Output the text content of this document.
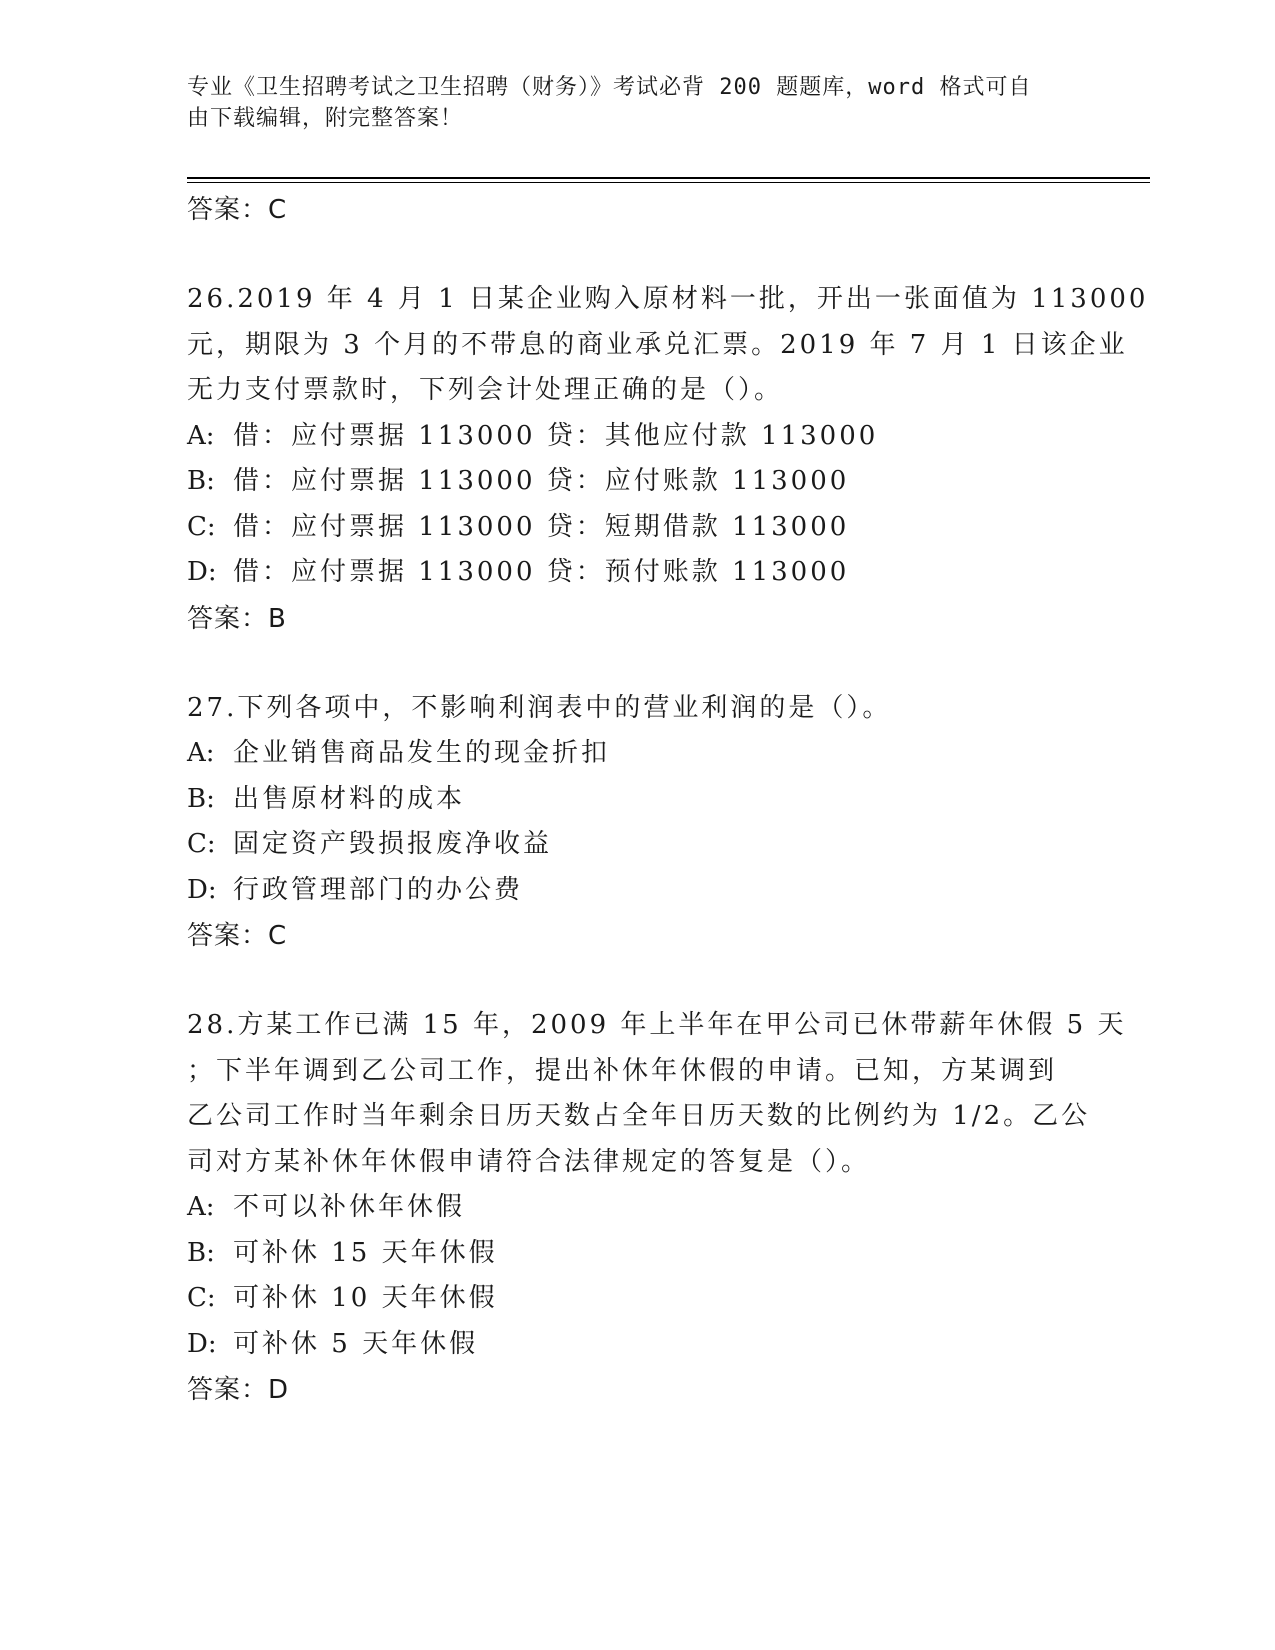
专业《卫生招聘考试之卫生招聘（财务）》考试必背 200 题题库，word 格式可自
由下载编辑，附完整答案！
答案：C
26.2019 年 4 月 1 日某企业购入原材料一批，开出一张面值为 113000
元，期限为 3 个月的不带息的商业承兑汇票。2019 年 7 月 1 日该企业
无力支付票款时，下列会计处理正确的是（）。
A: 借：应付票据 113000 贷：其他应付款 113000
B: 借：应付票据 113000 贷：应付账款 113000
C: 借：应付票据 113000 贷：短期借款 113000
D: 借：应付票据 113000 贷：预付账款 113000
答案：B
27.下列各项中，不影响利润表中的营业利润的是（）。
A: 企业销售商品发生的现金折扣
B: 出售原材料的成本
C: 固定资产毁损报废净收益
D: 行政管理部门的办公费
答案：C
28.方某工作已满 15 年，2009 年上半年在甲公司已休带薪年休假 5 天
；下半年调到乙公司工作，提出补休年休假的申请。已知，方某调到
乙公司工作时当年剩余日历天数占全年日历天数的比例约为 1/2。乙公
司对方某补休年休假申请符合法律规定的答复是（）。
A: 不可以补休年休假
B: 可补休 15 天年休假
C: 可补休 10 天年休假
D: 可补休 5 天年休假
答案：D
